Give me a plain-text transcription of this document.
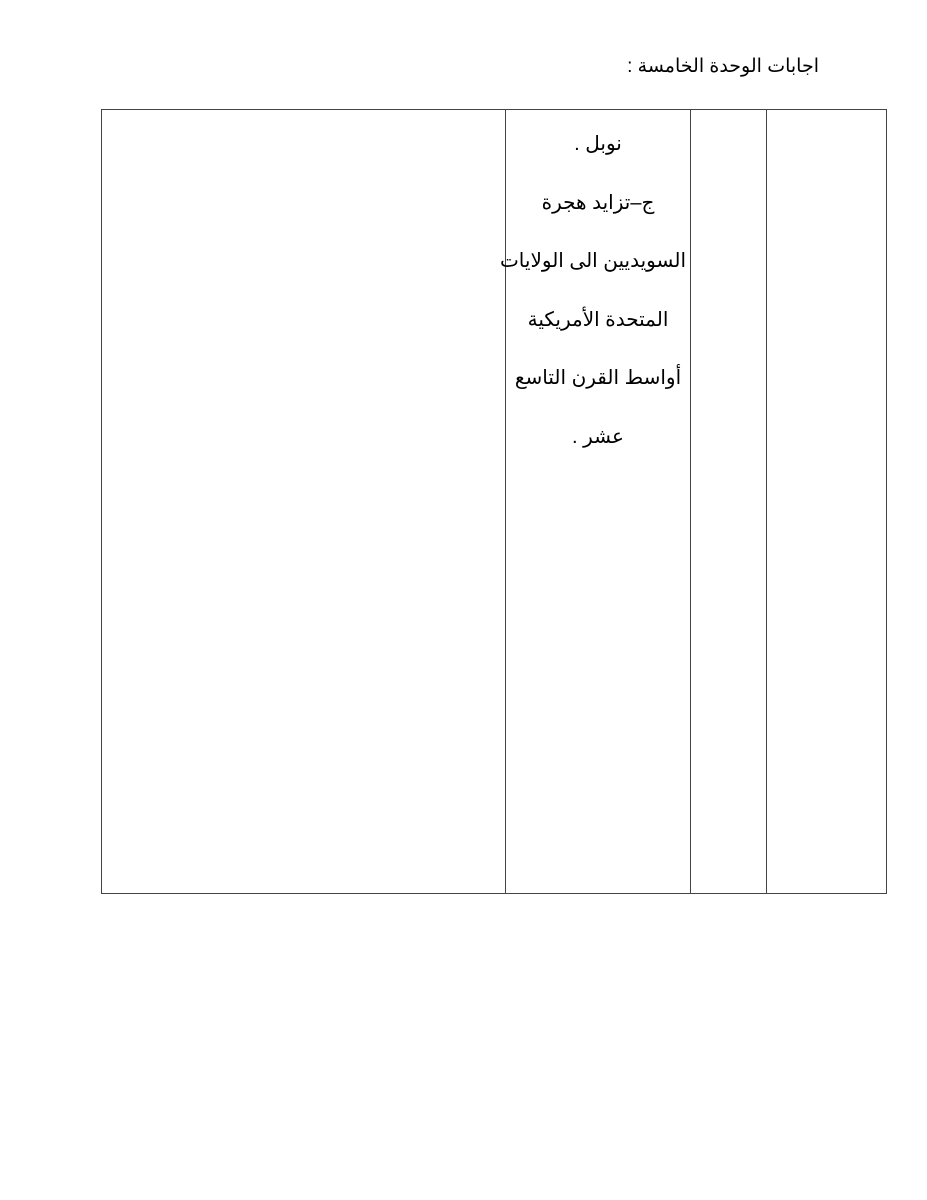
اجابات الوحدة الخامسة :

نوبل .
ج–تزايد هجرة
السويديين الى الولايات
المتحدة الأمريكية
أواسط القرن التاسع
عشر .
